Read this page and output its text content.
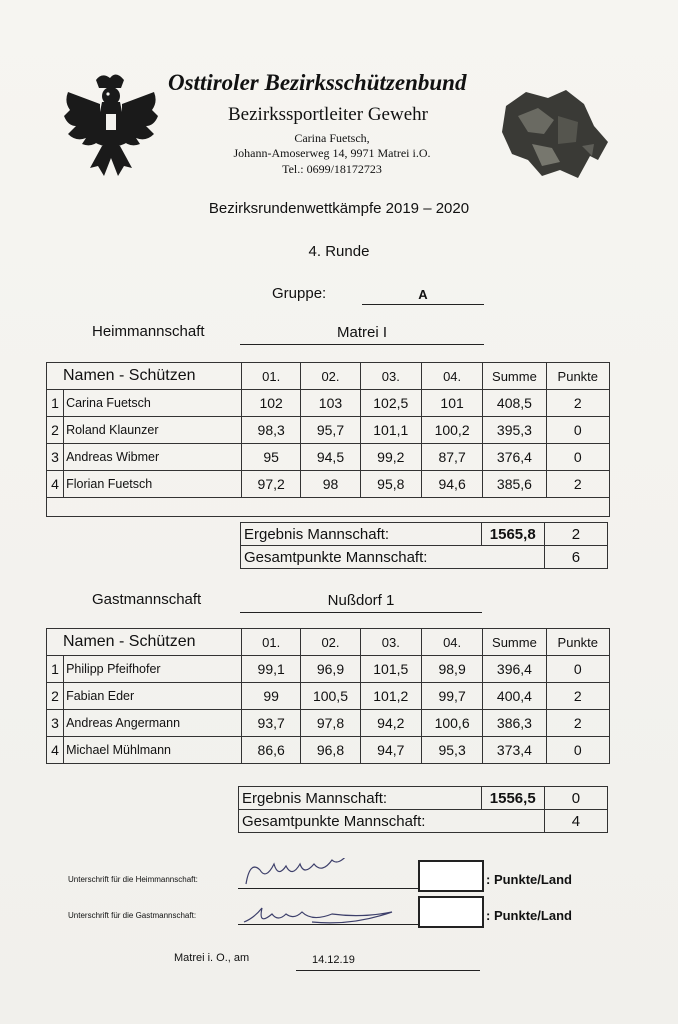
Osttiroler Bezirksschützenbund
Bezirkssportleiter Gewehr
Carina Fuetsch,
Johann-Amoserweg 14, 9971 Matrei i.O.
Tel.: 0699/18172723
Bezirksrundenwettkämpfe 2019 – 2020
4. Runde
Gruppe:	A
Heimmannschaft	Matrei I
Namen - Schützen		01.	02.	03.	04.	Summe	Punkte
1	Carina Fuetsch	102	103	102,5	101	408,5	2
2	Roland Klaunzer	98,3	95,7	101,1	100,2	395,3	0
3	Andreas Wibmer	95	94,5	99,2	87,7	376,4	0
4	Florian Fuetsch	97,2	98	95,8	94,6	385,6	2

Ergebnis Mannschaft:	1565,8	2
Gesamtpunkte Mannschaft:		6
Gastmannschaft	Nußdorf 1
Namen - Schützen		01.	02.	03.	04.	Summe	Punkte
1	Philipp Pfeifhofer	99,1	96,9	101,5	98,9	396,4	0
2	Fabian Eder	99	100,5	101,2	99,7	400,4	2
3	Andreas Angermann	93,7	97,8	94,2	100,6	386,3	2
4	Michael Mühlmann	86,6	96,8	94,7	95,3	373,4	0
Ergebnis Mannschaft:	1556,5	0
Gesamtpunkte Mannschaft:		4
Unterschrift für die Heimmannschaft:	: Punkte/Land
Unterschrift für die Gastmannschaft:	: Punkte/Land
Matrei i. O., am	14.12.19
